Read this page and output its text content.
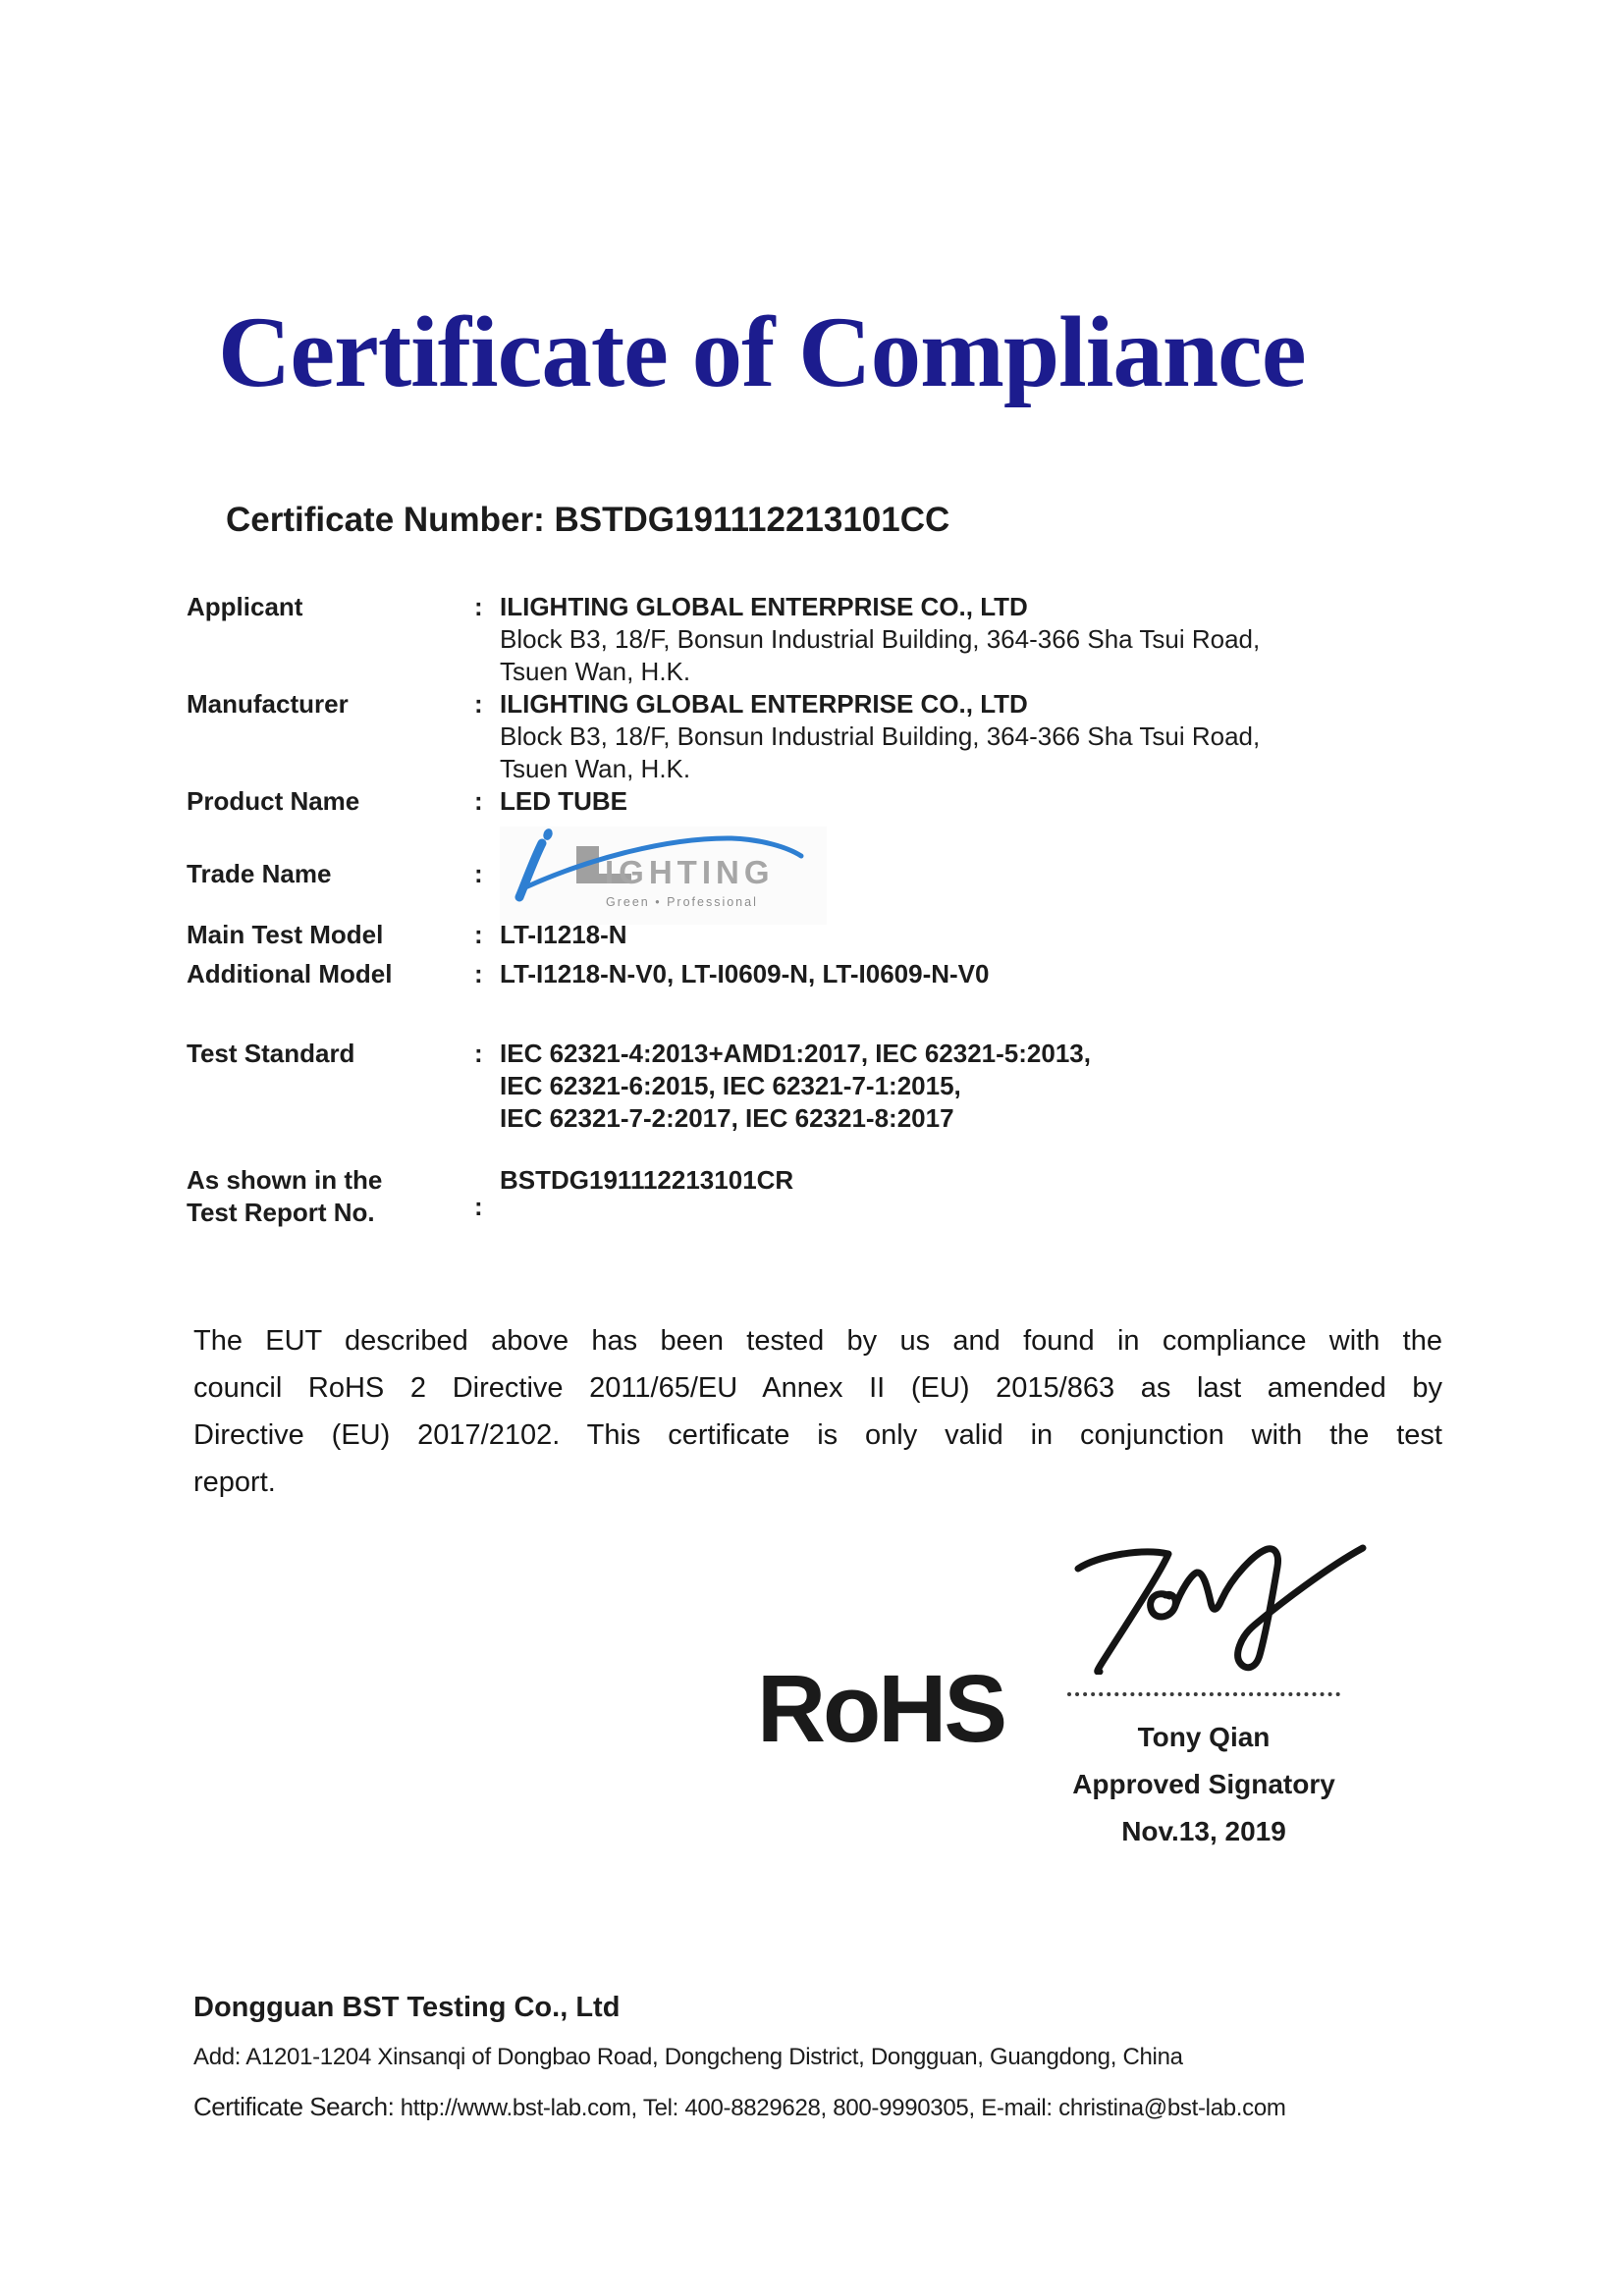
Certificate of Compliance
Certificate Number: BSTDG191112213101CC
Applicant	: ILIGHTING GLOBAL ENTERPRISE CO., LTD
Block B3, 18/F, Bonsun Industrial Building, 364-366 Sha Tsui Road,
Tsuen Wan, H.K.
Manufacturer	: ILIGHTING GLOBAL ENTERPRISE CO., LTD
Block B3, 18/F, Bonsun Industrial Building, 364-366 Sha Tsui Road,
Tsuen Wan, H.K.
Product Name	: LED TUBE
Trade Name	:	IGHTING
Green • Professional
Main Test Model	: LT-I1218-N
Additional Model	: LT-I1218-N-V0, LT-I0609-N, LT-I0609-N-V0
Test Standard	: IEC 62321-4:2013+AMD1:2017, IEC 62321-5:2013,
IEC 62321-6:2015, IEC 62321-7-1:2015,
IEC 62321-7-2:2017, IEC 62321-8:2017
As shown in the
Test Report No.	:
BSTDG191112213101CR
The EUT described above has been tested by us and found in compliance with the
council RoHS 2 Directive 2011/65/EU Annex II (EU) 2015/863 as last amended by
Directive (EU) 2017/2102. This certificate is only valid in conjunction with the test
report.
RoHS	Tony Qian
Approved Signatory
Nov.13, 2019
Dongguan BST Testing Co., Ltd
Add: A1201-1204 Xinsanqi of Dongbao Road, Dongcheng District, Dongguan, Guangdong, China
Certificate Search: http://www.bst-lab.com, Tel: 400-8829628, 800-9990305, E-mail: christina@bst-lab.com
